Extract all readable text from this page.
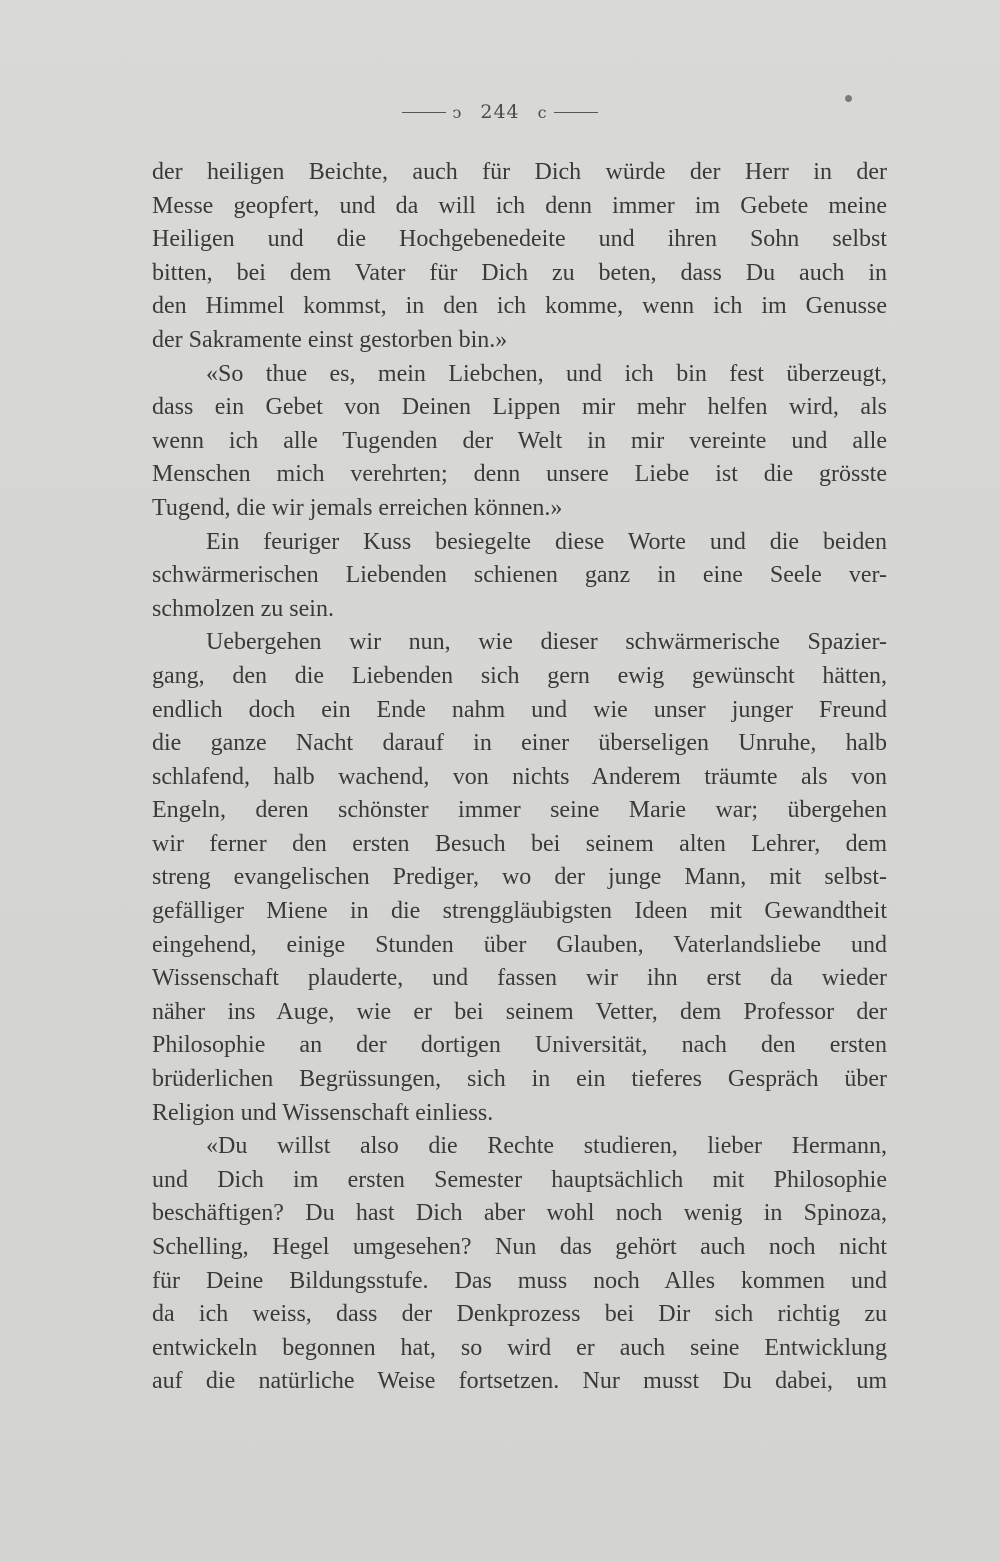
ↄ 244 c
der heiligen Beichte, auch für Dich würde der Herr in der
Messe geopfert, und da will ich denn immer im Gebete meine
Heiligen und die Hochgebenedeite und ihren Sohn selbst
bitten, bei dem Vater für Dich zu beten, dass Du auch in
den Himmel kommst, in den ich komme, wenn ich im Genusse
der Sakramente einst gestorben bin.»
«So thue es, mein Liebchen, und ich bin fest überzeugt,
dass ein Gebet von Deinen Lippen mir mehr helfen wird, als
wenn ich alle Tugenden der Welt in mir vereinte und alle
Menschen mich verehrten; denn unsere Liebe ist die grösste
Tugend, die wir jemals erreichen können.»
Ein feuriger Kuss besiegelte diese Worte und die beiden
schwärmerischen Liebenden schienen ganz in eine Seele ver-
schmolzen zu sein.
Uebergehen wir nun, wie dieser schwärmerische Spazier-
gang, den die Liebenden sich gern ewig gewünscht hätten,
endlich doch ein Ende nahm und wie unser junger Freund
die ganze Nacht darauf in einer überseligen Unruhe, halb
schlafend, halb wachend, von nichts Anderem träumte als von
Engeln, deren schönster immer seine Marie war; übergehen
wir ferner den ersten Besuch bei seinem alten Lehrer, dem
streng evangelischen Prediger, wo der junge Mann, mit selbst-
gefälliger Miene in die strenggläubigsten Ideen mit Gewandtheit
eingehend, einige Stunden über Glauben, Vaterlandsliebe und
Wissenschaft plauderte, und fassen wir ihn erst da wieder
näher ins Auge, wie er bei seinem Vetter, dem Professor der
Philosophie an der dortigen Universität, nach den ersten
brüderlichen Begrüssungen, sich in ein tieferes Gespräch über
Religion und Wissenschaft einliess.
«Du willst also die Rechte studieren, lieber Hermann,
und Dich im ersten Semester hauptsächlich mit Philosophie
beschäftigen? Du hast Dich aber wohl noch wenig in Spinoza,
Schelling, Hegel umgesehen? Nun das gehört auch noch nicht
für Deine Bildungsstufe. Das muss noch Alles kommen und
da ich weiss, dass der Denkprozess bei Dir sich richtig zu
entwickeln begonnen hat, so wird er auch seine Entwicklung
auf die natürliche Weise fortsetzen. Nur musst Du dabei, um
